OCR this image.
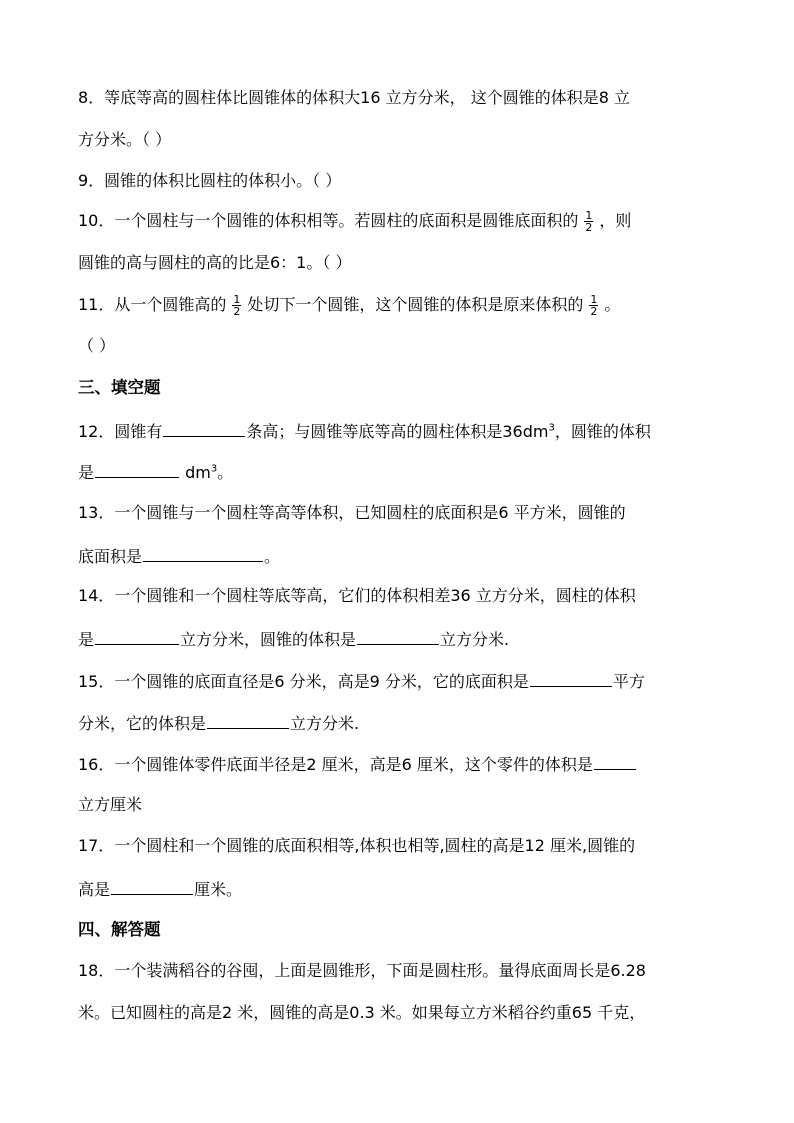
8．等底等高的圆柱体比圆锥体的体积大16 立方分米， 这个圆锥的体积是8 立
方分米。（ ）
9．圆锥的体积比圆柱的体积小。（ ）
10．一个圆柱与一个圆锥的体积相等。若圆柱的底面积是圆锥底面积的 $\frac{1}{2}$ ，则
圆锥的高与圆柱的高的比是6：1。（ ）
11．从一个圆锥高的 $\frac{1}{2}$ 处切下一个圆锥，这个圆锥的体积是原来体积的 $\frac{1}{2}$ 。
（ ）
三、填空题
12．圆锥有	条高；与圆锥等底等高的圆柱体积是$36dm^3$，圆锥的体积
是	$dm^3$。
13．一个圆锥与一个圆柱等高等体积，已知圆柱的底面积是6 平方米，圆锥的
底面积是	。
14．一个圆锥和一个圆柱等底等高，它们的体积相差36 立方分米，圆柱的体积
是	立方分米，圆锥的体积是	立方分米.
15．一个圆锥的底面直径是6 分米，高是9 分米，它的底面积是	平方
分米，它的体积是	立方分米.
16．一个圆锥体零件底面半径是2 厘米，高是6 厘米，这个零件的体积是
立方厘米
17．一个圆柱和一个圆锥的底面积相等,体积也相等,圆柱的高是12 厘米,圆锥的
高是	厘米。
四、解答题
18．一个装满稻谷的谷囤，上面是圆锥形，下面是圆柱形。量得底面周长是6.28
米。已知圆柱的高是2 米，圆锥的高是0.3 米。如果每立方米稻谷约重65 千克，
